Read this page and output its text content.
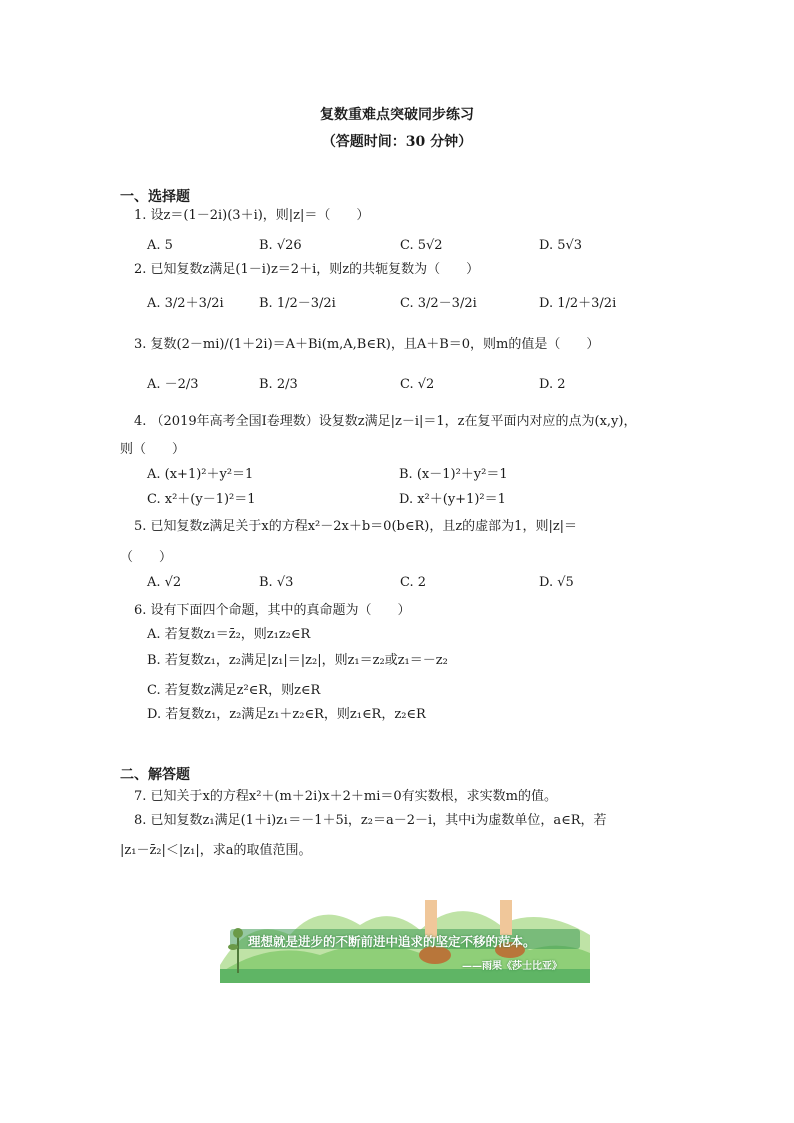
复数重难点突破同步练习
（答题时间：30 分钟）
一、选择题
1. 设z＝(1－2i)(3＋i)，则|z|＝（　　）
A. 5	B. √26	C. 5√2	D. 5√3
2. 已知复数z满足(1－i)z＝2＋i，则z的共轭复数为（　　）
A. 3/2＋3/2i	B. 1/2－3/2i	C. 3/2－3/2i	D. 1/2＋3/2i
3. 复数(2－mi)/(1＋2i)＝A＋Bi(m,A,B∈R)，且A＋B＝0，则m的值是（　　）
A. －2/3	B. 2/3	C. √2	D. 2
4. （2019年高考全国Ⅰ卷理数）设复数z满足|z－i|＝1，z在复平面内对应的点为(x,y)，
则（　　）
A. (x+1)²＋y²＝1	B. (x－1)²＋y²＝1
C. x²＋(y－1)²＝1	D. x²＋(y+1)²＝1
5. 已知复数z满足关于x的方程x²－2x＋b＝0(b∈R)，且z的虚部为1，则|z|＝
（　　）
A. √2	B. √3	C. 2	D. √5
6. 设有下面四个命题，其中的真命题为（　　）
A. 若复数z₁＝z̄₂，则z₁z₂∈R
B. 若复数z₁，z₂满足|z₁|＝|z₂|，则z₁＝z₂或z₁＝－z₂
C. 若复数z满足z²∈R，则z∈R
D. 若复数z₁，z₂满足z₁＋z₂∈R，则z₁∈R，z₂∈R
二、解答题
7. 已知关于x的方程x²＋(m＋2i)x＋2＋mi＝0有实数根，求实数m的值。
8. 已知复数z₁满足(1＋i)z₁＝－1＋5i，z₂＝a－2－i，其中i为虚数单位，a∈R，若
|z₁－z̄₂|＜|z₁|，求a的取值范围。
理想就是进步的不断前进中追求的坚定不移的范本。
——雨果《莎士比亚》
